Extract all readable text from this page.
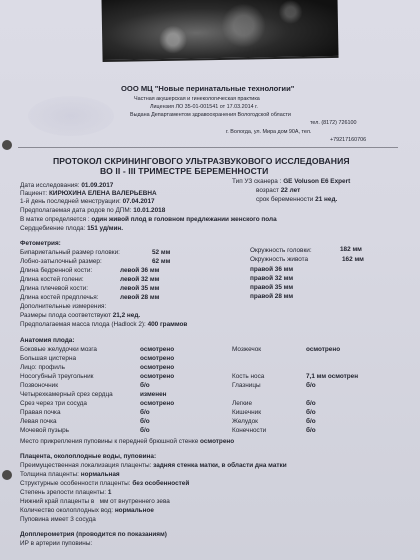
ООО МЦ "Новые перинатальные технологии"

Частная акушерская и гинекологическая практика

Лицензия ЛО 35-01-001541 от 17.03.2014 г.

Выдана Департаментом здравоохранения Вологодской области

тел. (8172) 726100

г. Вологда, ул. Мира дом 90А, тел.

+79217160706

ПРОТОКОЛ СКРИНИНГОВОГО УЛЬТРАЗВУКОВОГО ИССЛЕДОВАНИЯ

ВО II - III ТРИМЕСТРЕ БЕРЕМЕННОСТИ

Дата исследования: 01.09.2017

Тип УЗ сканера : GE Voluson E6 Expert

Пациент: КИРЮХИНА ЕЛЕНА ВАЛЕРЬЕВНА	возраст 22 лет

1-й день последней менструации: 07.04.2017	срок беременности 21 нед.

Предполагаемая дата родов по ДПМ: 10.01.2018

В матке определяется : один живой плод в головном предлежании женского пола

Сердцебиение плода: 151 уд/мин.

Фетометрия:

Бипариетальный размер головки:	52 мм	Окружность головки:	182 мм

Лобно-затылочный размер:	62 мм	Окружность живота	162 мм

Длина бедренной кости:	левой 36 мм	правой 36 мм

Длина костей голени:	левой 32 мм	правой 32 мм

Длина плечевой кости:	левой 35 мм	правой 35 мм

Длина костей предплечья:	левой 28 мм	правой 28 мм

Дополнительные измерения:

Размеры плода соответствуют 21,2 нед.

Предполагаемая масса плода (Hadlock 2): 400 граммов

Анатомия плода:

Боковые желудочки мозга	осмотрено	Мозжечок	осмотрено

Большая цистерна	осмотрено

Лицо: профиль	осмотрено

Носогубный треугольник	осмотрено	Кость носа	7,1 мм осмотрен

Позвоночник	б/о	Глазницы	б/о

Четырехкамерный срез сердца	изменен

Срез через три сосуда	осмотрено	Легкие	б/о

Правая почка	б/о	Кишечник	б/о

Левая почка	б/о	Желудок	б/о

Мочевой пузырь	б/о	Конечности	б/о

Место прикрепления пуповины к передней брюшной стенке осмотрено

Плацента, околоплодные воды, пуповина:

Преимущественная локализация плаценты: задняя стенка матки, в области дна матки

Толщина плаценты: нормальная

Структурные особенности плаценты: без особенностей

Степень зрелости плаценты: 1

Нижний край плаценты в мм от внутреннего зева

Количество околоплодных вод: нормальное

Пуповина имеет 3 сосуда

Допплерометрия (проводится по показаниям)

ИР в артерии пуповины:
